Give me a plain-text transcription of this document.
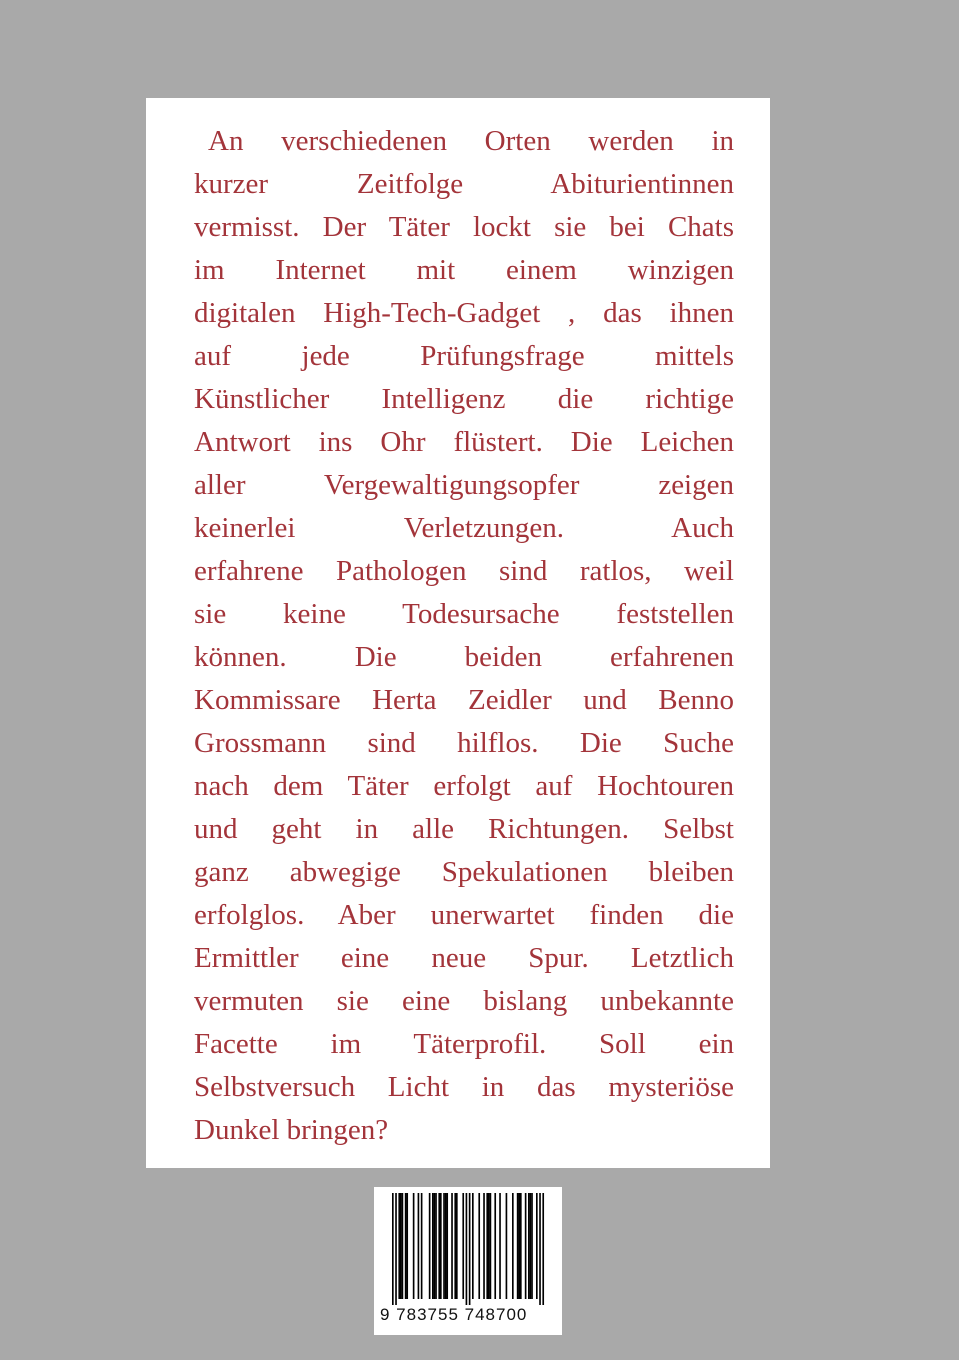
An verschiedenen Orten werden in
kurzer Zeitfolge Abiturientinnen
vermisst. Der Täter lockt sie bei Chats
im Internet mit einem winzigen
digitalen High-Tech-Gadget , das ihnen
auf jede Prüfungsfrage mittels
Künstlicher Intelligenz die richtige
Antwort ins Ohr flüstert. Die Leichen
aller Vergewaltigungsopfer zeigen
keinerlei Verletzungen. Auch
erfahrene Pathologen sind ratlos, weil
sie keine Todesursache feststellen
können. Die beiden erfahrenen
Kommissare Herta Zeidler und Benno
Grossmann sind hilflos. Die Suche
nach dem Täter erfolgt auf Hochtouren
und geht in alle Richtungen. Selbst
ganz abwegige Spekulationen bleiben
erfolglos. Aber unerwartet finden die
Ermittler eine neue Spur. Letztlich
vermuten sie eine bislang unbekannte
Facette im Täterprofil. Soll ein
Selbstversuch Licht in das mysteriöse
Dunkel bringen?
9 783755 748700
